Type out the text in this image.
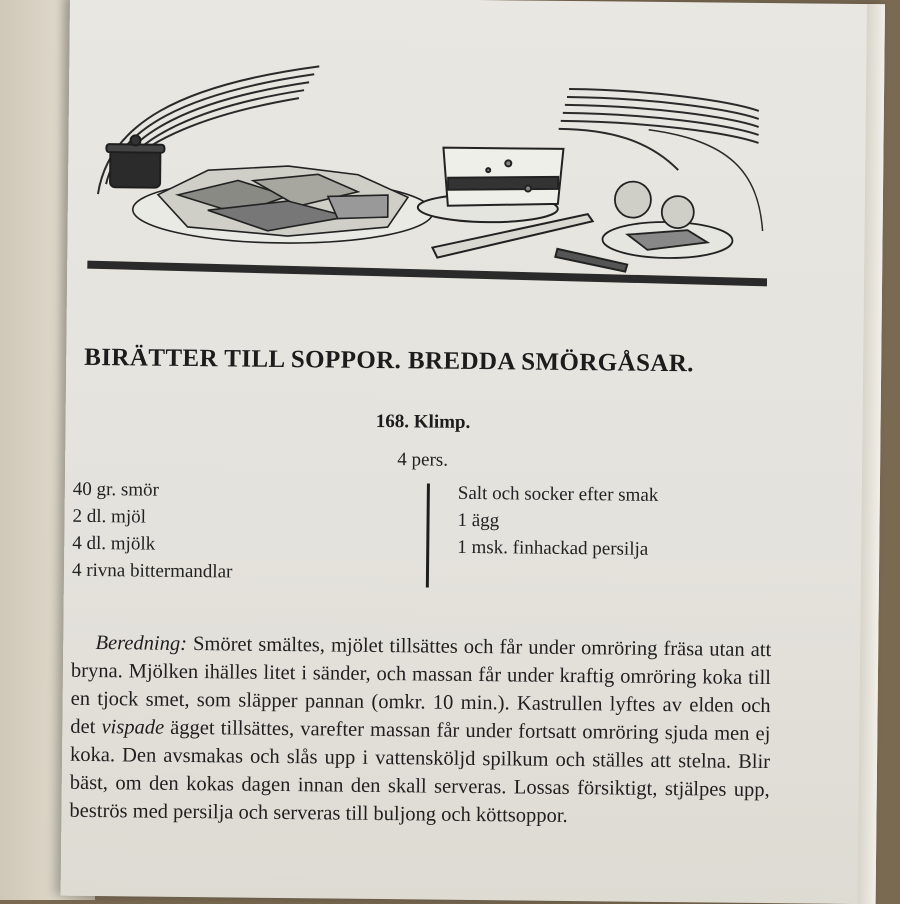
BIRÄTTER TILL SOPPOR. BREDDA SMÖRGÅSAR.
168. Klimp.
4 pers.
40 gr. smör
2 dl. mjöl
4 dl. mjölk
4 rivna bittermandlar
Salt och socker efter smak
1 ägg
1 msk. finhackad persilja

Beredning: Smöret smältes, mjölet tillsättes och får under omröring fräsa utan att bryna. Mjölken ihälles litet i sänder, och massan får under kraftig omröring koka till en tjock smet, som släpper pannan (omkr. 10 min.). Kastrullen lyftes av elden och det vispade ägget tillsättes, varefter massan får under fortsatt omröring sjuda men ej koka. Den avsmakas och slås upp i vattensköljd spilkum och ställes att stelna. Blir bäst, om den kokas dagen innan den skall serveras. Lossas försiktigt, stjälpes upp, beströs med persilja och serveras till buljong och köttsoppor.
